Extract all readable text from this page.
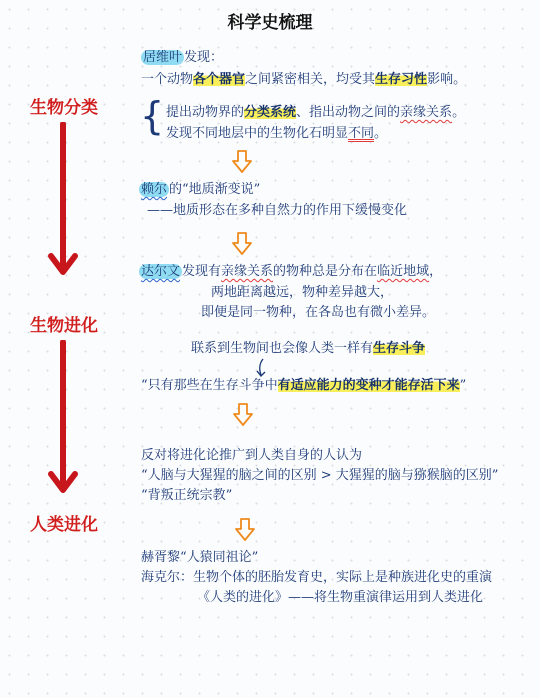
科学史梳理
生物分类
生物进化
人类进化
居维叶 发现：
一个动物各个器官之间紧密相关，均受其生存习性影响。
{ 提出动物界的分类系统、指出动物之间的亲缘关系。
发现不同地层中的生物化石明显不同。
赖尔 的“地质渐变说”
——地质形态在多种自然力的作用下缓慢变化
达尔文 发现有亲缘关系的物种总是分布在临近地域，
两地距离越远，物种差异越大，
即便是同一物种，在各岛也有微小差异。
联系到生物间也会像人类一样有生存斗争
“只有那些在生存斗争中有适应能力的变种才能存活下来”
反对将进化论推广到人类自身的人认为
“人脑与大猩猩的脑之间的区别 > 大猩猩的脑与猕猴脑的区别”
“背叛正统宗教”
赫胥黎“人猿同祖论”
海克尔：生物个体的胚胎发育史，实际上是种族进化史的重演
《人类的进化》——将生物重演律运用到人类进化
